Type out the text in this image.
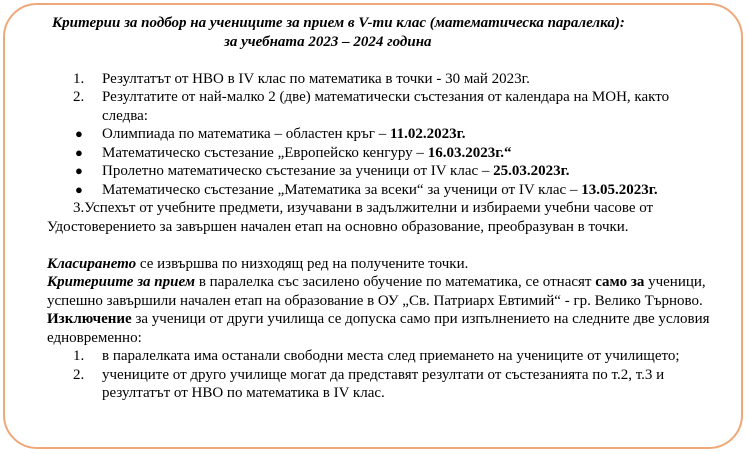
Критерии за подбор на учениците за прием в V-ти клас (математическа паралелка):

за учебната 2023 – 2024 година

1. Резултатът от НВО в IV клас по математика в точки - 30 май 2023г.
2. Резултатите от най-малко 2 (две) математически състезания от календара на МОН, както следва:
● Олимпиада по математика – областен кръг – 11.02.2023г.
● Математическо състезание „Европейско кенгуру – 16.03.2023г.“
● Пролетно математическо състезание за ученици от IV клас – 25.03.2023г.
● Математическо състезание „Математика за всеки“ за ученици от IV клас – 13.05.2023г.
3.Успехът от учебните предмети, изучавани в задължителни и избираеми учебни часове от
Удостоверението за завършен начален етап на основно образование, преобразуван в точки.
Класирането се извършва по низходящ ред на получените точки.
Критериите за прием в паралелка със засилено обучение по математика, се отнасят само за ученици, успешно завършили начален етап на образование в ОУ „Св. Патриарх Евтимий“ - гр. Велико Търново.
Изключение за ученици от други училища се допуска само при изпълнението на следните две условия едновременно:
1. в паралелката има останали свободни места след приемането на учениците от училището;
2. учениците от друго училище могат да представят резултати от състезанията по т.2, т.3 и резултатът от НВО по математика в IV клас.
